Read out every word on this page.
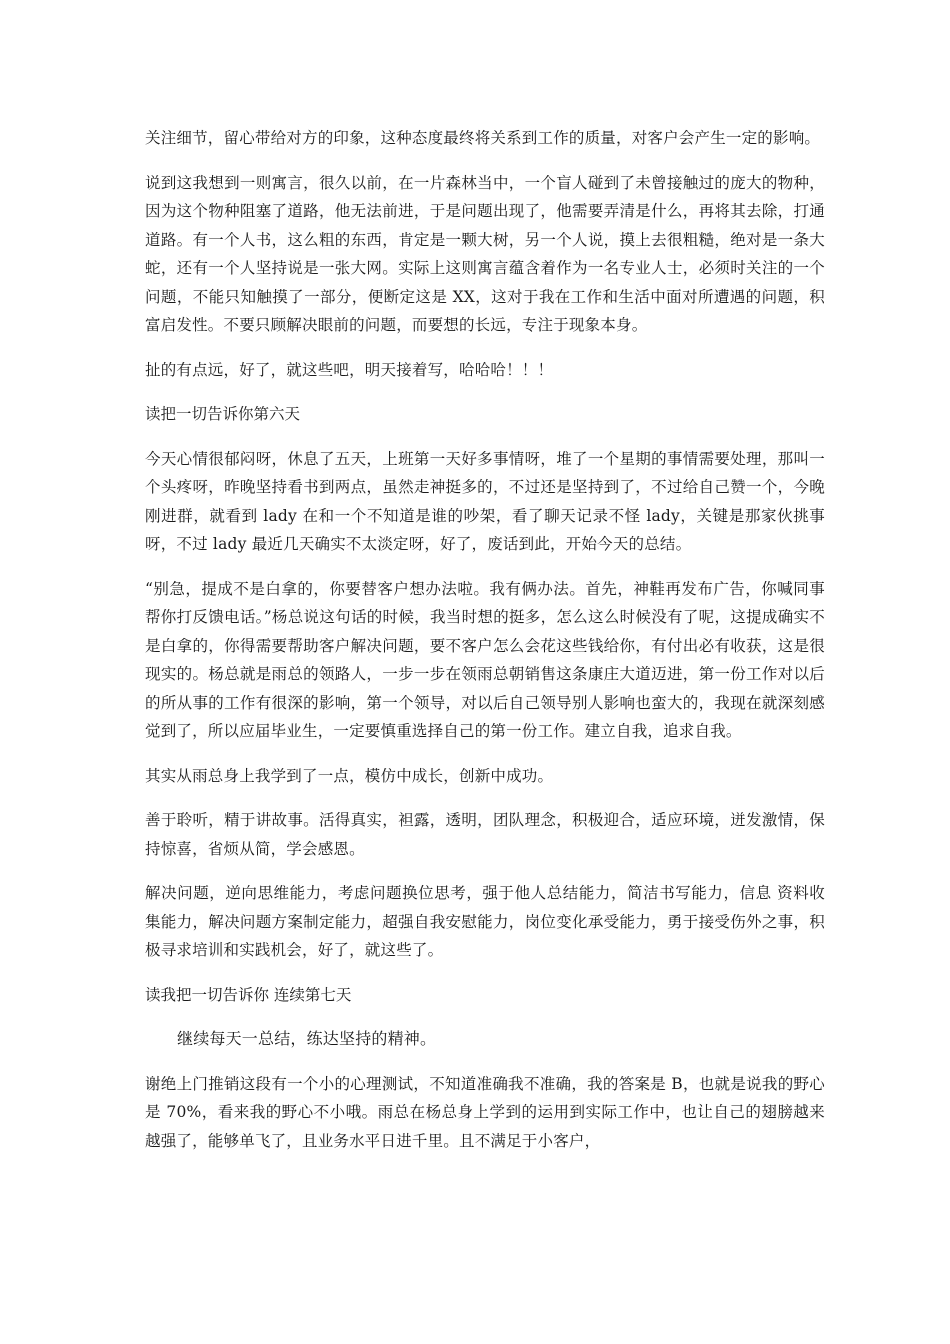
关注细节，留心带给对方的印象，这种态度最终将关系到工作的质量，对客户会产生一定的影响。

说到这我想到一则寓言，很久以前，在一片森林当中，一个盲人碰到了未曾接触过的庞大的物种，因为这个物种阻塞了道路，他无法前进，于是问题出现了，他需要弄清是什么，再将其去除，打通道路。有一个人书，这么粗的东西，肯定是一颗大树，另一个人说，摸上去很粗糙，绝对是一条大蛇，还有一个人坚持说是一张大网。实际上这则寓言蕴含着作为一名专业人士，必须时关注的一个问题，不能只知触摸了一部分，便断定这是 XX，这对于我在工作和生活中面对所遭遇的问题，积富启发性。不要只顾解决眼前的问题，而要想的长远，专注于现象本身。

扯的有点远，好了，就这些吧，明天接着写，哈哈哈！！！

读把一切告诉你第六天

今天心情很郁闷呀，休息了五天，上班第一天好多事情呀，堆了一个星期的事情需要处理，那叫一个头疼呀，昨晚坚持看书到两点，虽然走神挺多的，不过还是坚持到了，不过给自己赞一个，今晚刚进群，就看到 lady 在和一个不知道是谁的吵架，看了聊天记录不怪 lady，关键是那家伙挑事呀，不过 lady 最近几天确实不太淡定呀，好了，废话到此，开始今天的总结。

“别急，提成不是白拿的，你要替客户想办法啦。我有俩办法。首先，神鞋再发布广告，你喊同事帮你打反馈电话。”杨总说这句话的时候，我当时想的挺多，怎么这么时候没有了呢，这提成确实不是白拿的，你得需要帮助客户解决问题，要不客户怎么会花这些钱给你，有付出必有收获，这是很现实的。杨总就是雨总的领路人，一步一步在领雨总朝销售这条康庄大道迈进，第一份工作对以后的所从事的工作有很深的影响，第一个领导，对以后自己领导别人影响也蛮大的，我现在就深刻感觉到了，所以应届毕业生，一定要慎重选择自己的第一份工作。建立自我，追求自我。

其实从雨总身上我学到了一点，模仿中成长，创新中成功。

善于聆听，精于讲故事。活得真实，袒露，透明，团队理念，积极迎合，适应环境，迸发激情，保持惊喜，省烦从简，学会感恩。

解决问题，逆向思维能力，考虑问题换位思考，强于他人总结能力，简洁书写能力，信息 资料收集能力，解决问题方案制定能力，超强自我安慰能力，岗位变化承受能力，勇于接受伤外之事，积极寻求培训和实践机会，好了，就这些了。

读我把一切告诉你 连续第七天

继续每天一总结，练达坚持的精神。

谢绝上门推销这段有一个小的心理测试，不知道准确我不准确，我的答案是 B，也就是说我的野心是 70%，看来我的野心不小哦。雨总在杨总身上学到的运用到实际工作中，也让自己的翅膀越来越强了，能够单飞了，且业务水平日进千里。且不满足于小客户，
